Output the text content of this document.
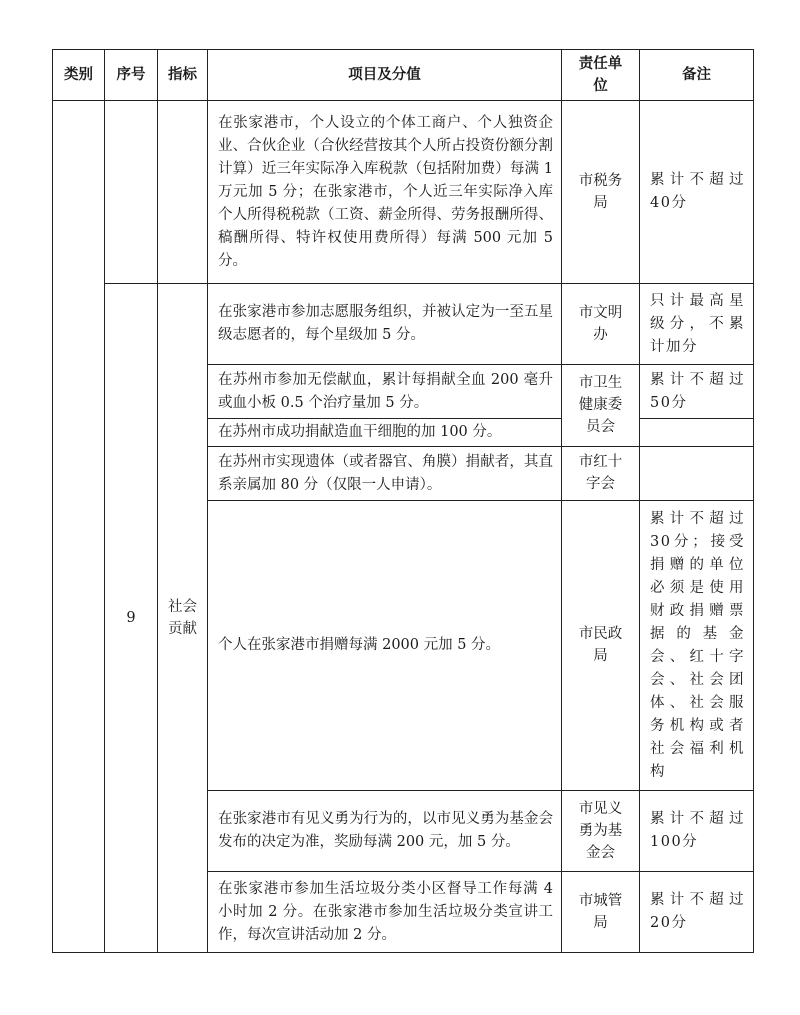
类别	序号	指标	项目及分值	责任单位	备注
			在张家港市，个人设立的个体工商户、个人独资企业、合伙企业（合伙经营按其个人所占投资份额分割计算）近三年实际净入库税款（包括附加费）每满 1 万元加 5 分；在张家港市，个人近三年实际净入库个人所得税税款（工资、薪金所得、劳务报酬所得、稿酬所得、特许权使用费所得）每满 500 元加 5 分。	市税务局	累计不超过40分
	9	社会贡献	在张家港市参加志愿服务组织，并被认定为一至五星级志愿者的，每个星级加 5 分。	市文明办	只计最高星级分，不累计加分
			在苏州市参加无偿献血，累计每捐献全血 200 毫升或血小板 0.5 个治疗量加 5 分。	市卫生健康委员会	累计不超过50分
			在苏州市成功捐献造血干细胞的加 100 分。		
			在苏州市实现遗体（或者器官、角膜）捐献者，其直系亲属加 80 分（仅限一人申请）。	市红十字会	
			个人在张家港市捐赠每满 2000 元加 5 分。	市民政局	累计不超过30分；接受捐赠的单位必须是使用财政捐赠票据的基金会、红十字会、社会团体、社会服务机构或者社会福利机构
			在张家港市有见义勇为行为的，以市见义勇为基金会发布的决定为准，奖励每满 200 元，加 5 分。	市见义勇为基金会	累计不超过100分
			在张家港市参加生活垃圾分类小区督导工作每满 4 小时加 2 分。在张家港市参加生活垃圾分类宣讲工作，每次宣讲活动加 2 分。	市城管局	累计不超过20分
